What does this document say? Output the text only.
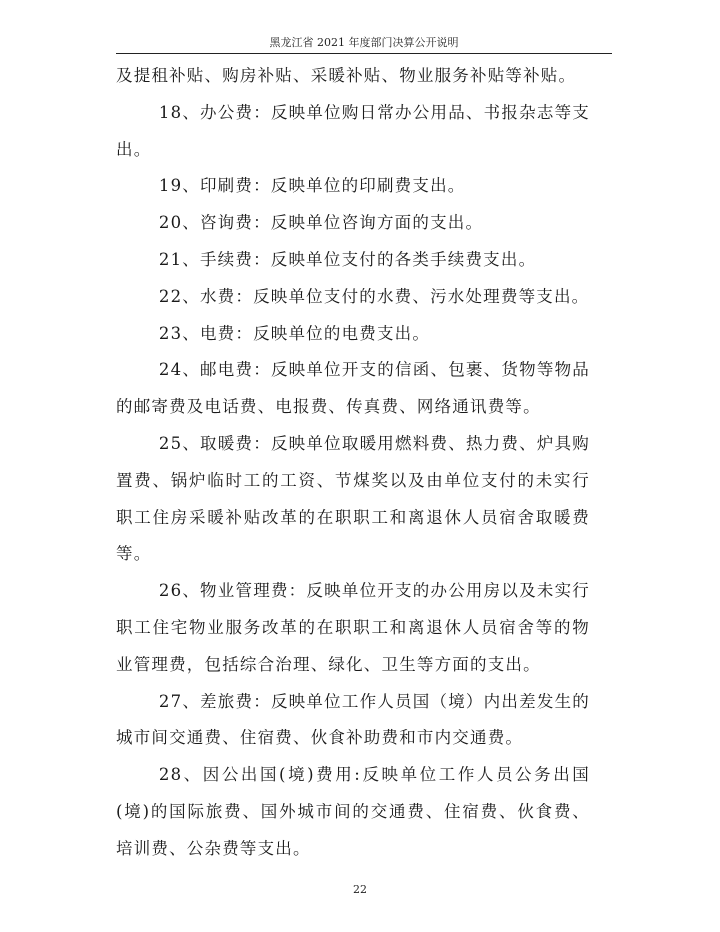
黑龙江省 2021 年度部门决算公开说明

及提租补贴、购房补贴、采暖补贴、物业服务补贴等补贴。

18、办公费：反映单位购日常办公用品、书报杂志等支出。

19、印刷费：反映单位的印刷费支出。

20、咨询费：反映单位咨询方面的支出。

21、手续费：反映单位支付的各类手续费支出。

22、水费：反映单位支付的水费、污水处理费等支出。

23、电费：反映单位的电费支出。

24、邮电费：反映单位开支的信函、包裹、货物等物品的邮寄费及电话费、电报费、传真费、网络通讯费等。

25、取暖费：反映单位取暖用燃料费、热力费、炉具购置费、锅炉临时工的工资、节煤奖以及由单位支付的未实行职工住房采暖补贴改革的在职职工和离退休人员宿舍取暖费等。

26、物业管理费：反映单位开支的办公用房以及未实行职工住宅物业服务改革的在职职工和离退休人员宿舍等的物业管理费，包括综合治理、绿化、卫生等方面的支出。

27、差旅费：反映单位工作人员国（境）内出差发生的城市间交通费、住宿费、伙食补助费和市内交通费。

28、因公出国(境)费用:反映单位工作人员公务出国(境)的国际旅费、国外城市间的交通费、住宿费、伙食费、培训费、公杂费等支出。

22
